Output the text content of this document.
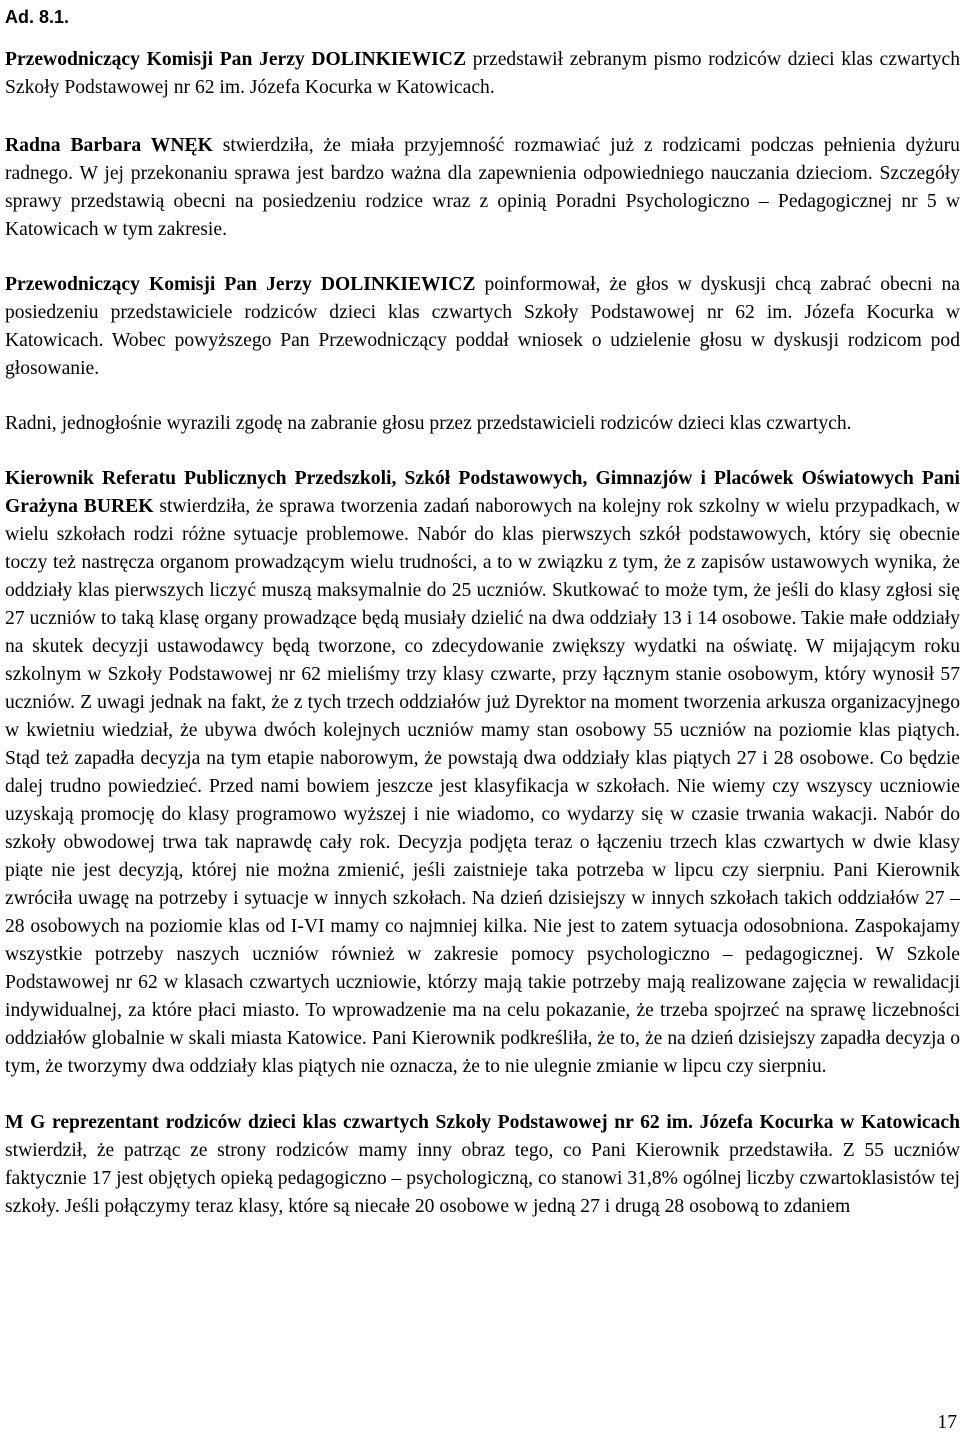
Ad. 8.1.

Przewodniczący Komisji Pan Jerzy DOLINKIEWICZ przedstawił zebranym pismo rodziców dzieci klas czwartych Szkoły Podstawowej nr 62 im. Józefa Kocurka w Katowicach.

Radna Barbara WNĘK stwierdziła, że miała przyjemność rozmawiać już z rodzicami podczas pełnienia dyżuru radnego. W jej przekonaniu sprawa jest bardzo ważna dla zapewnienia odpowiedniego nauczania dzieciom. Szczegóły sprawy przedstawią obecni na posiedzeniu rodzice wraz z opinią Poradni Psychologiczno – Pedagogicznej nr 5 w Katowicach w tym zakresie.

Przewodniczący Komisji Pan Jerzy DOLINKIEWICZ poinformował, że głos w dyskusji chcą zabrać obecni na posiedzeniu przedstawiciele rodziców dzieci klas czwartych Szkoły Podstawowej nr 62 im. Józefa Kocurka w Katowicach. Wobec powyższego Pan Przewodniczący poddał wniosek o udzielenie głosu w dyskusji rodzicom pod głosowanie.

Radni, jednogłośnie wyrazili zgodę na zabranie głosu przez przedstawicieli rodziców dzieci klas czwartych.

Kierownik Referatu Publicznych Przedszkoli, Szkół Podstawowych, Gimnazjów i Placówek Oświatowych Pani Grażyna BUREK stwierdziła, że sprawa tworzenia zadań naborowych na kolejny rok szkolny w wielu przypadkach, w wielu szkołach rodzi różne sytuacje problemowe. Nabór do klas pierwszych szkół podstawowych, który się obecnie toczy też nastręcza organom prowadzącym wielu trudności, a to w związku z tym, że z zapisów ustawowych wynika, że oddziały klas pierwszych liczyć muszą maksymalnie do 25 uczniów. Skutkować to może tym, że jeśli do klasy zgłosi się 27 uczniów to taką klasę organy prowadzące będą musiały dzielić na dwa oddziały 13 i 14 osobowe. Takie małe oddziały na skutek decyzji ustawodawcy będą tworzone, co zdecydowanie zwiększy wydatki na oświatę. W mijającym roku szkolnym w Szkoły Podstawowej nr 62 mieliśmy trzy klasy czwarte, przy łącznym stanie osobowym, który wynosił 57 uczniów. Z uwagi jednak na fakt, że z tych trzech oddziałów już Dyrektor na moment tworzenia arkusza organizacyjnego w kwietniu wiedział, że ubywa dwóch kolejnych uczniów mamy stan osobowy 55 uczniów na poziomie klas piątych. Stąd też zapadła decyzja na tym etapie naborowym, że powstają dwa oddziały klas piątych 27 i 28 osobowe. Co będzie dalej trudno powiedzieć. Przed nami bowiem jeszcze jest klasyfikacja w szkołach. Nie wiemy czy wszyscy uczniowie uzyskają promocję do klasy programowo wyższej i nie wiadomo, co wydarzy się w czasie trwania wakacji. Nabór do szkoły obwodowej trwa tak naprawdę cały rok. Decyzja podjęta teraz o łączeniu trzech klas czwartych w dwie klasy piąte nie jest decyzją, której nie można zmienić, jeśli zaistnieje taka potrzeba w lipcu czy sierpniu. Pani Kierownik zwróciła uwagę na potrzeby i sytuacje w innych szkołach. Na dzień dzisiejszy w innych szkołach takich oddziałów 27 – 28 osobowych na poziomie klas od I-VI mamy co najmniej kilka. Nie jest to zatem sytuacja odosobniona. Zaspokajamy wszystkie potrzeby naszych uczniów również w zakresie pomocy psychologiczno – pedagogicznej. W Szkole Podstawowej nr 62 w klasach czwartych uczniowie, którzy mają takie potrzeby mają realizowane zajęcia w rewalidacji indywidualnej, za które płaci miasto. To wprowadzenie ma na celu pokazanie, że trzeba spojrzeć na sprawę liczebności oddziałów globalnie w skali miasta Katowice. Pani Kierownik podkreśliła, że to, że na dzień dzisiejszy zapadła decyzja o tym, że tworzymy dwa oddziały klas piątych nie oznacza, że to nie ulegnie zmianie w lipcu czy sierpniu.

M G reprezentant rodziców dzieci klas czwartych Szkoły Podstawowej nr 62 im. Józefa Kocurka w Katowicach stwierdził, że patrząc ze strony rodziców mamy inny obraz tego, co Pani Kierownik przedstawiła. Z 55 uczniów faktycznie 17 jest objętych opieką pedagogiczno – psychologiczną, co stanowi 31,8% ogólnej liczby czwartoklasistów tej szkoły. Jeśli połączymy teraz klasy, które są niecałe 20 osobowe w jedną 27 i drugą 28 osobową to zdaniem

17
